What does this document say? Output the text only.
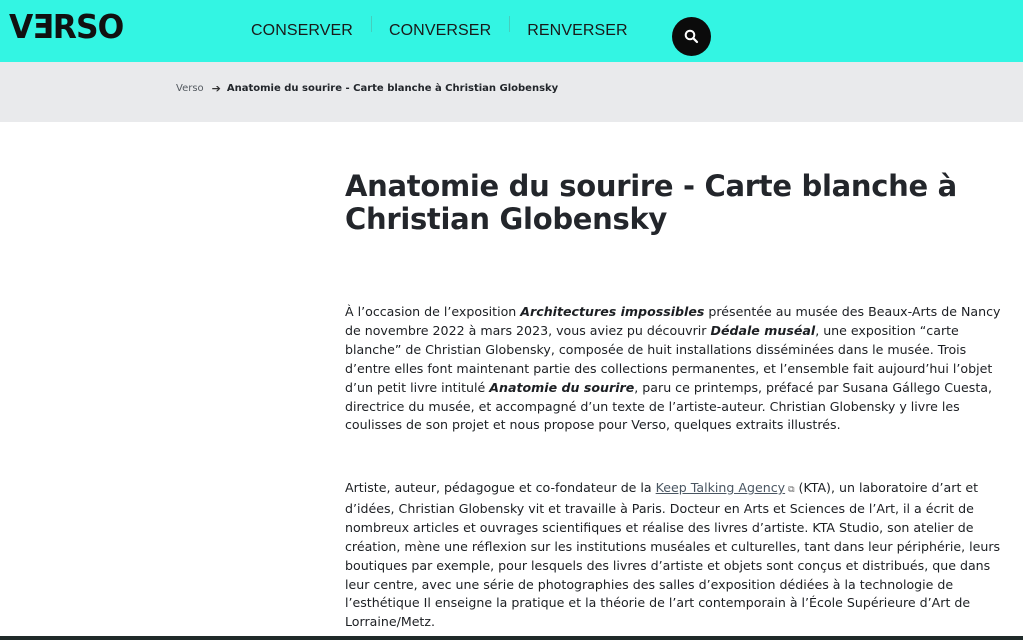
VƎRSO	CONSERVER	CONVERSER	RENVERSER
Verso ➔ Anatomie du sourire - Carte blanche à Christian Globensky
Anatomie du sourire - Carte blanche à Christian Globensky

À l’occasion de l’exposition Architectures impossibles présentée au musée des Beaux-Arts de Nancy de novembre 2022 à mars 2023, vous aviez pu découvrir Dédale muséal, une exposition “carte blanche” de Christian Globensky, composée de huit installations disséminées dans le musée. Trois d’entre elles font maintenant partie des collections permanentes, et l’ensemble fait aujourd’hui l’objet d’un petit livre intitulé Anatomie du sourire, paru ce printemps, préfacé par Susana Gállego Cuesta, directrice du musée, et accompagné d’un texte de l’artiste-auteur. Christian Globensky y livre les coulisses de son projet et nous propose pour Verso, quelques extraits illustrés.

Artiste, auteur, pédagogue et co-fondateur de la Keep Talking Agency ⧉ (KTA), un laboratoire d’art et d’idées, Christian Globensky vit et travaille à Paris. Docteur en Arts et Sciences de l’Art, il a écrit de nombreux articles et ouvrages scientifiques et réalise des livres d’artiste. KTA Studio, son atelier de création, mène une réflexion sur les institutions muséales et culturelles, tant dans leur périphérie, leurs boutiques par exemple, pour lesquels des livres d’artiste et objets sont conçus et distribués, que dans leur centre, avec une série de photographies des salles d’exposition dédiées à la technologie de l’esthétique Il enseigne la pratique et la théorie de l’art contemporain à l’École Supérieure d’Art de Lorraine/Metz.
